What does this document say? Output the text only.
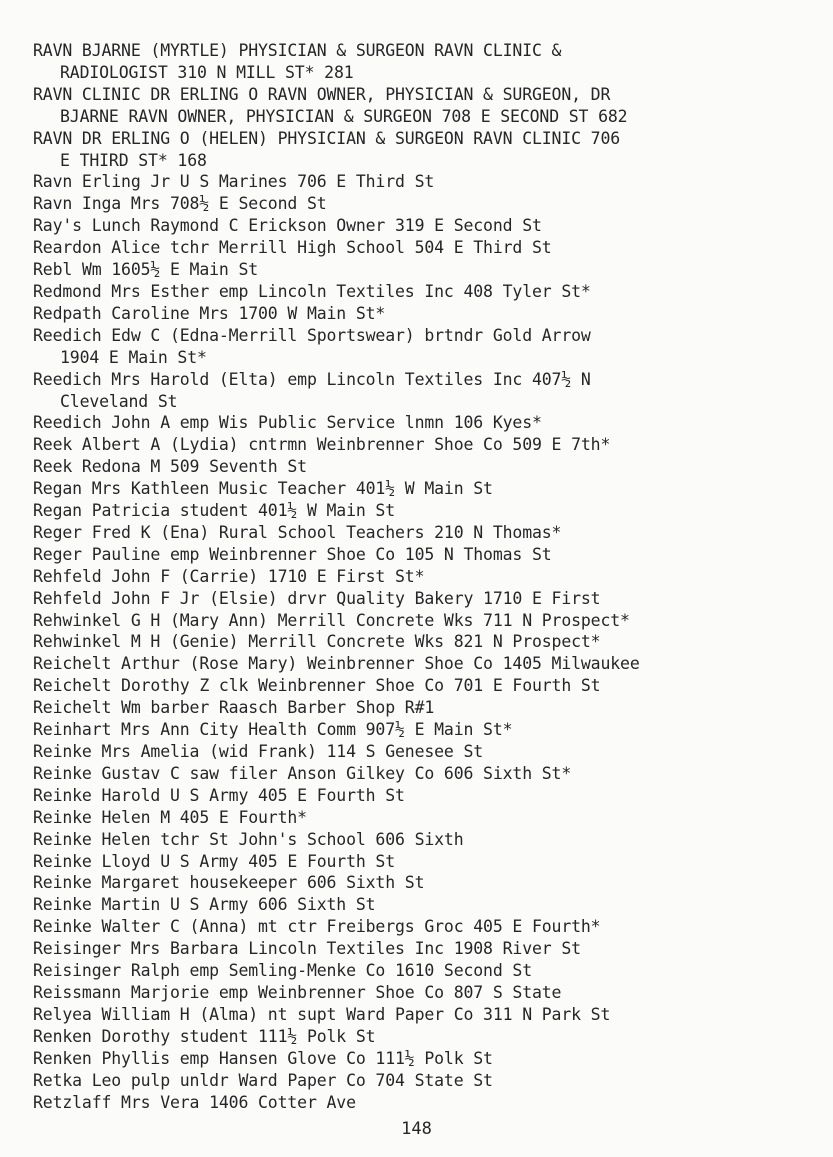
RAVN BJARNE (MYRTLE) PHYSICIAN & SURGEON RAVN CLINIC &
RADIOLOGIST 310 N MILL ST* 281
RAVN CLINIC DR ERLING O RAVN OWNER, PHYSICIAN & SURGEON, DR
BJARNE RAVN OWNER, PHYSICIAN & SURGEON 708 E SECOND ST 682
RAVN DR ERLING O (HELEN) PHYSICIAN & SURGEON RAVN CLINIC 706
E THIRD ST* 168
Ravn Erling Jr U S Marines 706 E Third St
Ravn Inga Mrs 708½ E Second St
Ray's Lunch Raymond C Erickson Owner 319 E Second St
Reardon Alice tchr Merrill High School 504 E Third St
Rebl Wm 1605½ E Main St
Redmond Mrs Esther emp Lincoln Textiles Inc 408 Tyler St*
Redpath Caroline Mrs 1700 W Main St*
Reedich Edw C (Edna-Merrill Sportswear) brtndr Gold Arrow
1904 E Main St*
Reedich Mrs Harold (Elta) emp Lincoln Textiles Inc 407½ N
Cleveland St
Reedich John A emp Wis Public Service lnmn 106 Kyes*
Reek Albert A (Lydia) cntrmn Weinbrenner Shoe Co 509 E 7th*
Reek Redona M 509 Seventh St
Regan Mrs Kathleen Music Teacher 401½ W Main St
Regan Patricia student 401½ W Main St
Reger Fred K (Ena) Rural School Teachers 210 N Thomas*
Reger Pauline emp Weinbrenner Shoe Co 105 N Thomas St
Rehfeld John F (Carrie) 1710 E First St*
Rehfeld John F Jr (Elsie) drvr Quality Bakery 1710 E First
Rehwinkel G H (Mary Ann) Merrill Concrete Wks 711 N Prospect*
Rehwinkel M H (Genie) Merrill Concrete Wks 821 N Prospect*
Reichelt Arthur (Rose Mary) Weinbrenner Shoe Co 1405 Milwaukee
Reichelt Dorothy Z clk Weinbrenner Shoe Co 701 E Fourth St
Reichelt Wm barber Raasch Barber Shop R#1
Reinhart Mrs Ann City Health Comm 907½ E Main St*
Reinke Mrs Amelia (wid Frank) 114 S Genesee St
Reinke Gustav C saw filer Anson Gilkey Co 606 Sixth St*
Reinke Harold U S Army 405 E Fourth St
Reinke Helen M 405 E Fourth*
Reinke Helen tchr St John's School 606 Sixth
Reinke Lloyd U S Army 405 E Fourth St
Reinke Margaret housekeeper 606 Sixth St
Reinke Martin U S Army 606 Sixth St
Reinke Walter C (Anna) mt ctr Freibergs Groc 405 E Fourth*
Reisinger Mrs Barbara Lincoln Textiles Inc 1908 River St
Reisinger Ralph emp Semling-Menke Co 1610 Second St
Reissmann Marjorie emp Weinbrenner Shoe Co 807 S State
Relyea William H (Alma) nt supt Ward Paper Co 311 N Park St
Renken Dorothy student 111½ Polk St
Renken Phyllis emp Hansen Glove Co 111½ Polk St
Retka Leo pulp unldr Ward Paper Co 704 State St
Retzlaff Mrs Vera 1406 Cotter Ave
148
